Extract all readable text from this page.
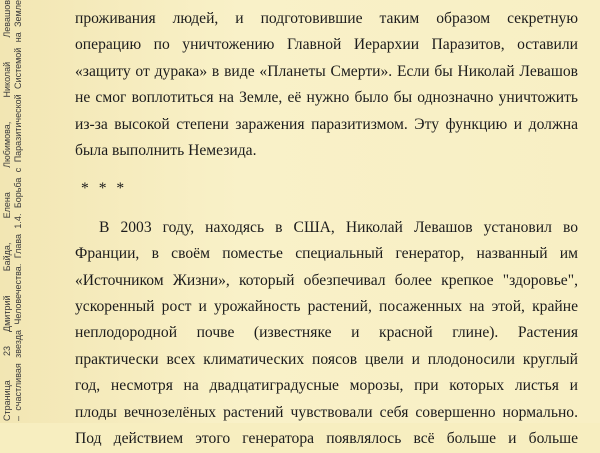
Страница 23Дмитрий Байда, Елена Любимова, Николай Левашов – счастливая звезда Человечества. Глава 1.4. Борьба с Паразитической Системой на Земле	проживания людей, и подготовившие таким образом секретную
операцию по уничтожению Главной Иерархии Паразитов, оставили
«защиту от дурака» в виде «Планеты Смерти». Если бы Николай Левашов
не смог воплотиться на Земле, её нужно было бы однозначно уничтожить
из-за высокой степени заражения паразитизмом. Эту функцию и должна
была выполнить Немезида.
* * *
В 2003 году, находясь в США, Николай Левашов установил во
Франции, в своём поместье специальный генератор, названный им
«Источником Жизни», который обезпечивал более крепкое "здоровье",
ускоренный рост и урожайность растений, посаженных на этой, крайне
неплодородной почве (известняке и красной глине). Растения
практически всех климатических поясов цвели и плодоносили круглый
год, несмотря на двадцатиградусные морозы, при которых листья и
плоды вечнозелёных растений чувствовали себя совершенно нормально.
Под действием этого генератора появлялось всё больше и больше
